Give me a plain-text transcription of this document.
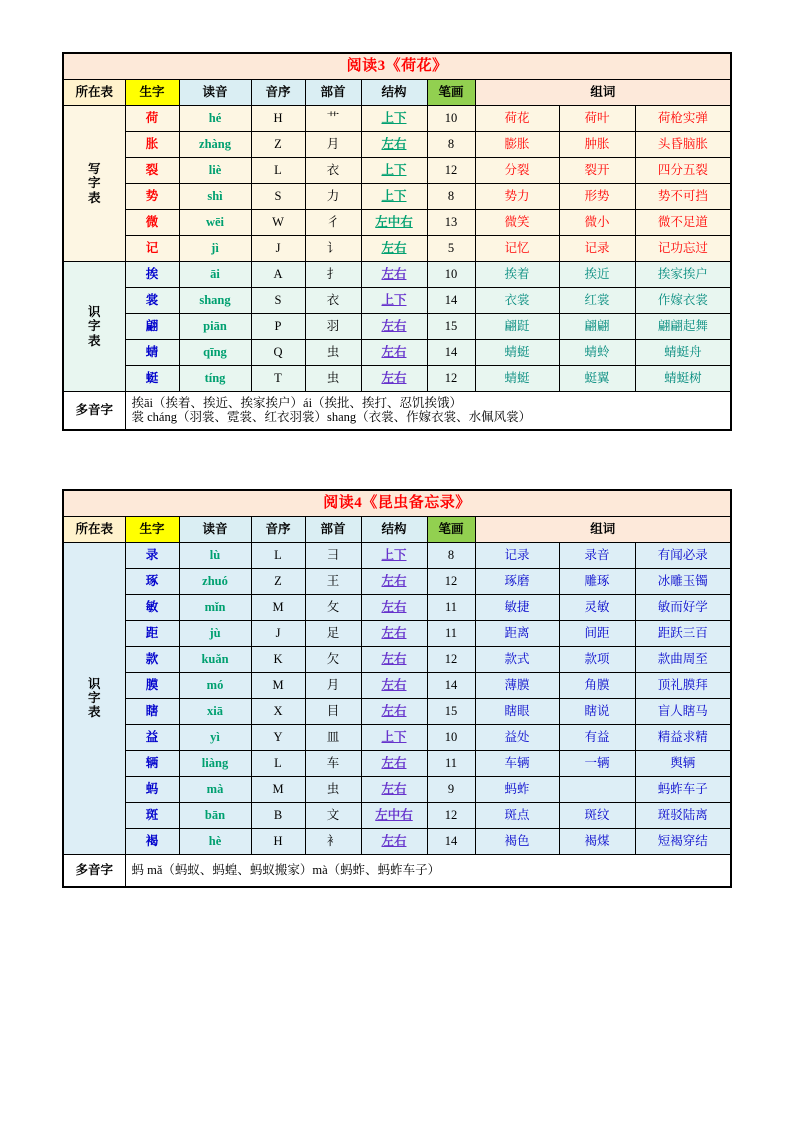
阅读3《荷花》									
所在表	生字	读音	音序	部首	结构	笔画	组词		

写
字
表	荷	hé	H	艹	上下	10	荷花	荷叶	荷枪实弹
	胀	zhàng	Z	月	左右	8	膨胀	肿胀	头昏脑胀
	裂	liè	L	衣	上下	12	分裂	裂开	四分五裂
	势	shì	S	力	上下	8	势力	形势	势不可挡
	微	wēi	W	彳	左中右	13	微笑	微小	微不足道
	记	jì	J	讠	左右	5	记忆	记录	记功忘过

识
字
表	挨	āi	A	扌	左右	10	挨着	挨近	挨家挨户
	裳	shang	S	衣	上下	14	衣裳	红裳	作嫁衣裳
	翩	piān	P	羽	左右	15	翩跹	翩翩	翩翩起舞
	蜻	qīng	Q	虫	左右	14	蜻蜓	蜻蛉	蜻蜓舟
	蜓	tíng	T	虫	左右	12	蜻蜓	蜓翼	蜻蜓树
多音字	挨āi（挨着、挨近、挨家挨户）ái（挨批、挨打、忍饥挨饿）
裳 cháng（羽裳、霓裳、红衣羽裳）shang（衣裳、作嫁衣裳、水佩风裳）								
阅读4《昆虫备忘录》									
所在表	生字	读音	音序	部首	结构	笔画	组词		

识
字
表	录	lù	L	彐	上下	8	记录	录音	有闻必录
	琢	zhuó	Z	王	左右	12	琢磨	雕琢	冰雕玉镯
	敏	mǐn	M	攵	左右	11	敏捷	灵敏	敏而好学
	距	jù	J	足	左右	11	距离	间距	距跃三百
	款	kuǎn	K	欠	左右	12	款式	款项	款曲周至
	膜	mó	M	月	左右	14	薄膜	角膜	顶礼膜拜
	瞎	xiā	X	目	左右	15	瞎眼	瞎说	盲人瞎马
	益	yì	Y	皿	上下	10	益处	有益	精益求精
	辆	liàng	L	车	左右	11	车辆	一辆	舆辆
	蚂	mà	M	虫	左右	9	蚂蚱		蚂蚱车子
	斑	bān	B	文	左中右	12	斑点	斑纹	斑驳陆离
	褐	hè	H	衤	左右	14	褐色	褐煤	短褐穿结
多音字	蚂 mǎ（蚂蚁、蚂蝗、蚂蚁搬家）mà（蚂蚱、蚂蚱车子）								
